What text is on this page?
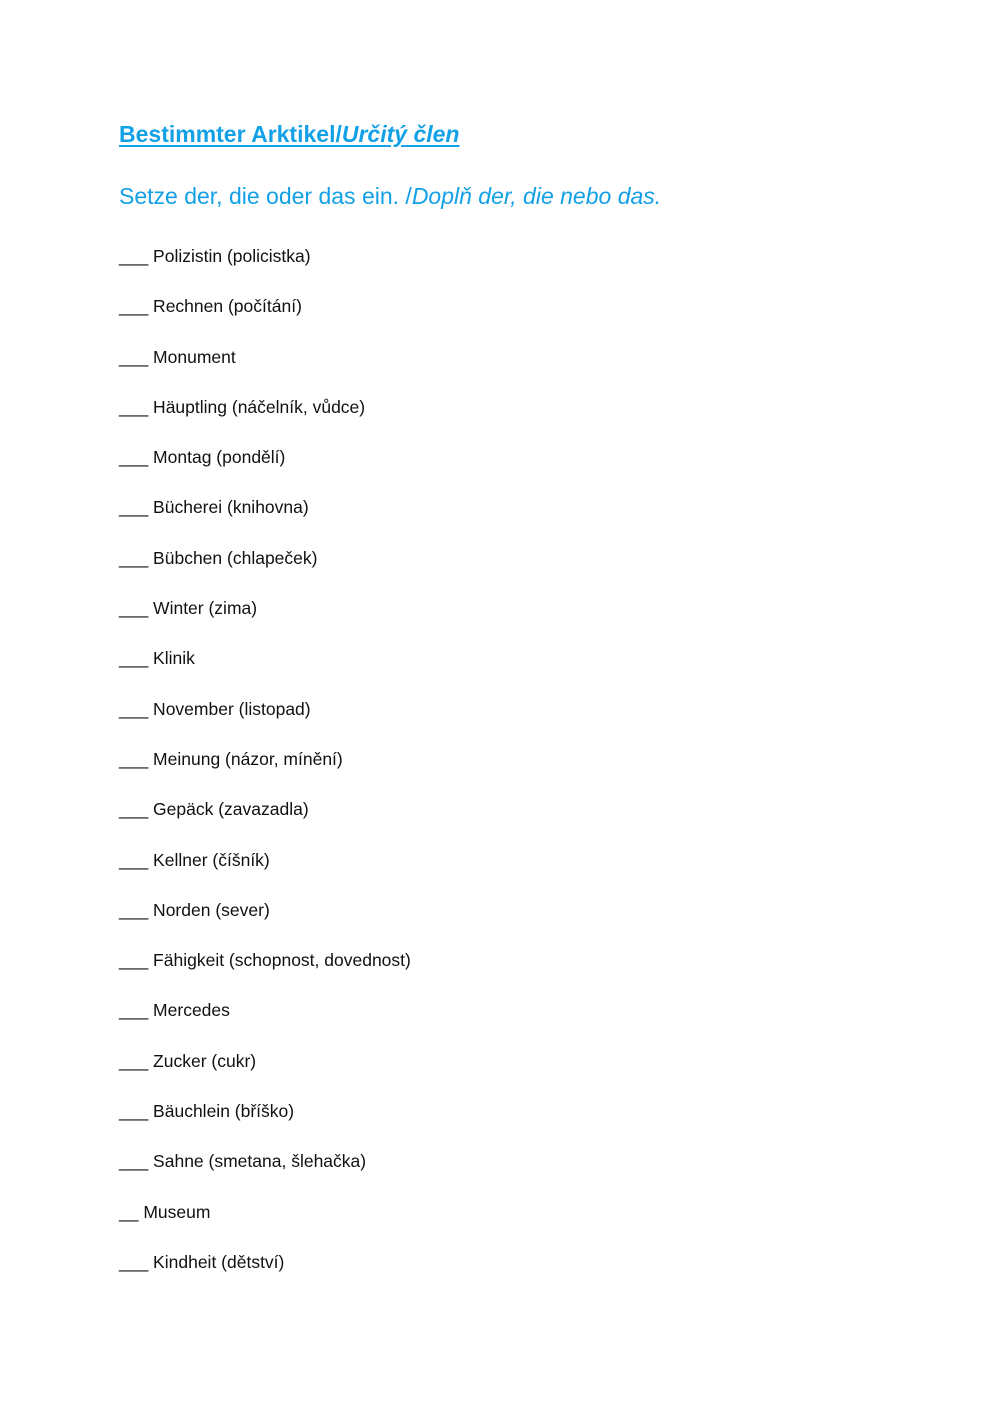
Bestimmter Arktikel/Určitý člen
Setze der, die oder das ein. /Doplň der, die nebo das.
___ Polizistin (policistka)
___ Rechnen (počítání)
___ Monument
___ Häuptling (náčelník, vůdce)
___ Montag (pondělí)
___ Bücherei (knihovna)
___ Bübchen (chlapeček)
___ Winter (zima)
___ Klinik
___ November (listopad)
___ Meinung (názor, mínění)
___ Gepäck (zavazadla)
___ Kellner (číšník)
___ Norden (sever)
___ Fähigkeit (schopnost, dovednost)
___ Mercedes
___ Zucker (cukr)
___ Bäuchlein (bříško)
___ Sahne (smetana, šlehačka)
__ Museum
___ Kindheit (dětství)
